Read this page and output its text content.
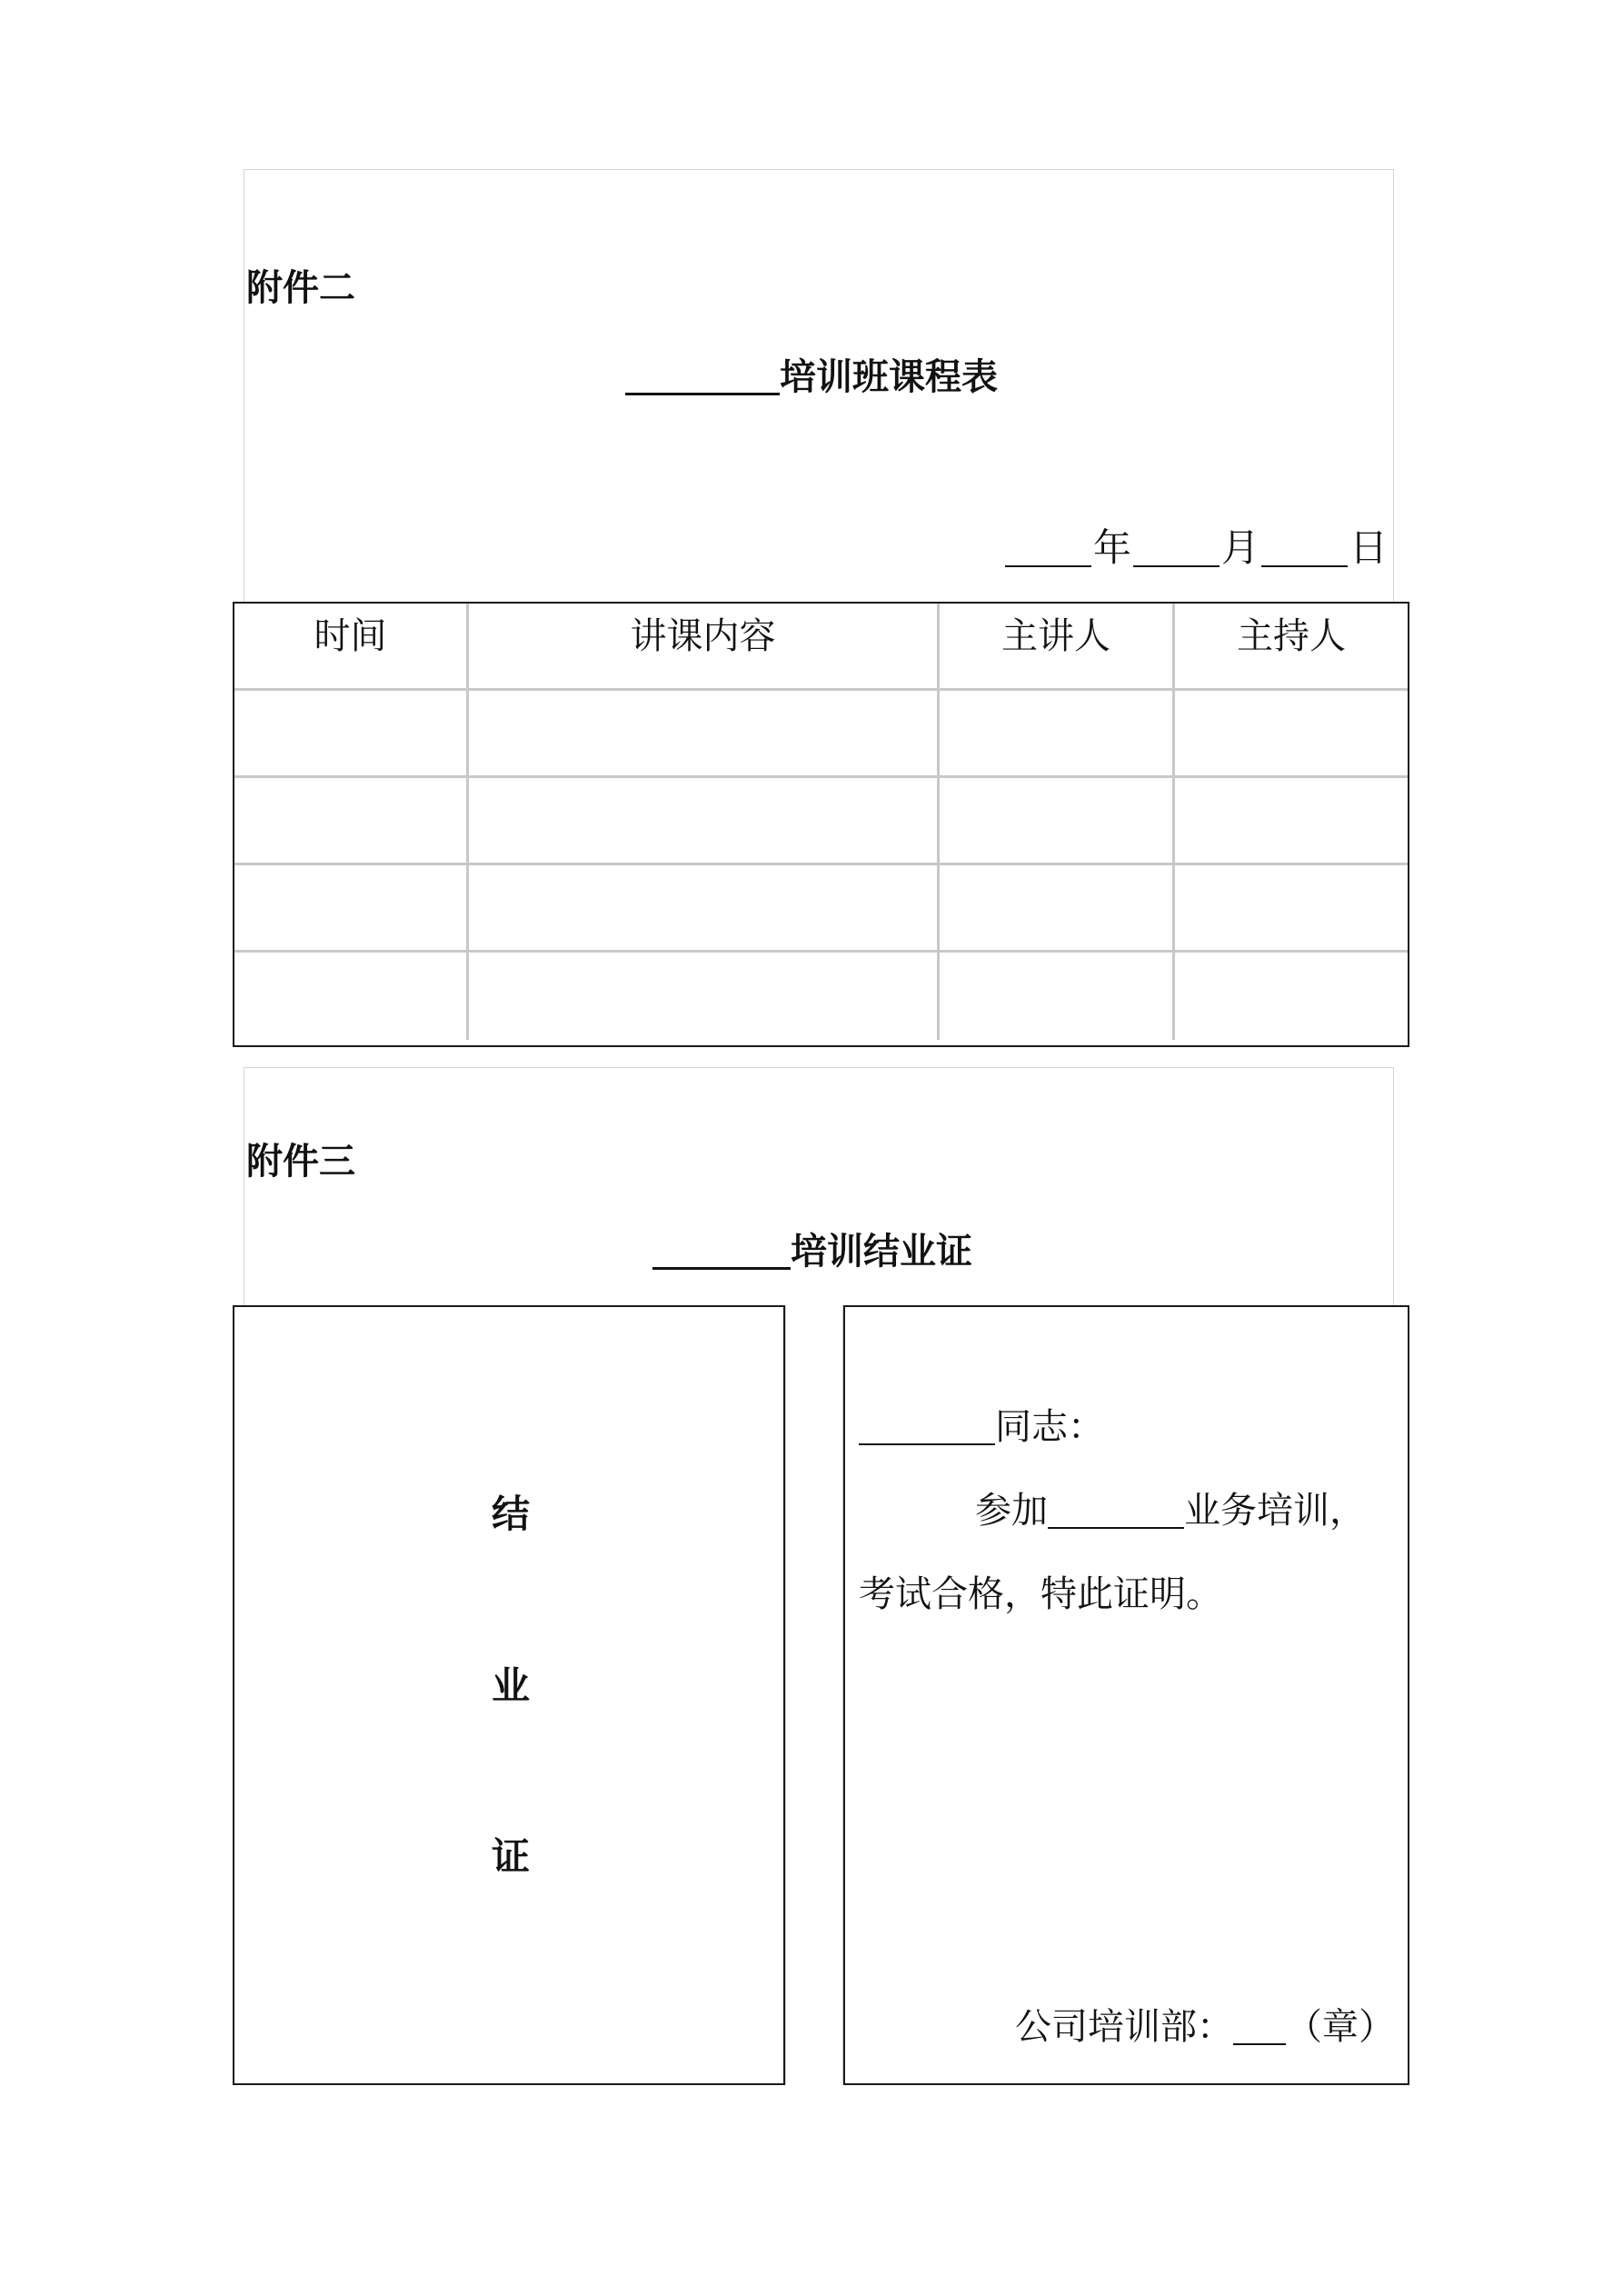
附件二
培训班课程表
年 月 日
时间	讲课内容	主讲人	主持人
附件三
培训结业证
结
业
证
同志：
参加	业务培训，
考试合格，特此证明。
公司培训部： （章）
